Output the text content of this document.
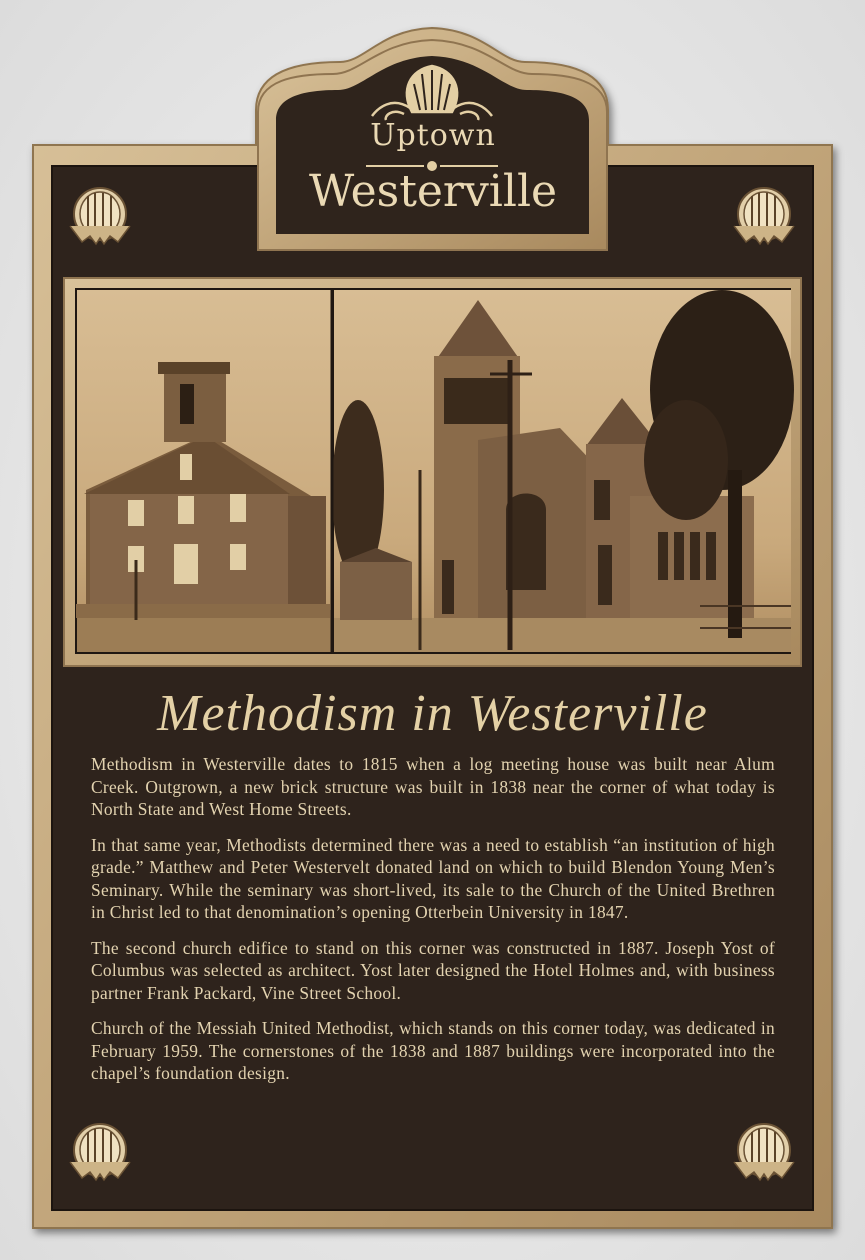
Uptown
Westerville
Methodism in Westerville

Methodism in Westerville dates to 1815 when a log meeting house was built near Alum Creek. Outgrown, a new brick structure was built in 1838 near the corner of what today is North State and West Home Streets.

In that same year, Methodists determined there was a need to establish “an institution of high grade.” Matthew and Peter Westervelt donated land on which to build Blendon Young Men’s Seminary. While the seminary was short-lived, its sale to the Church of the United Brethren in Christ led to that denomination’s opening Otterbein University in 1847.

The second church edifice to stand on this corner was constructed in 1887. Joseph Yost of Columbus was selected as architect. Yost later designed the Hotel Holmes and, with business partner Frank Packard, Vine Street School.

Church of the Messiah United Methodist, which stands on this corner today, was dedicated in February 1959. The cornerstones of the 1838 and 1887 buildings were incorporated into the chapel’s foundation design.
